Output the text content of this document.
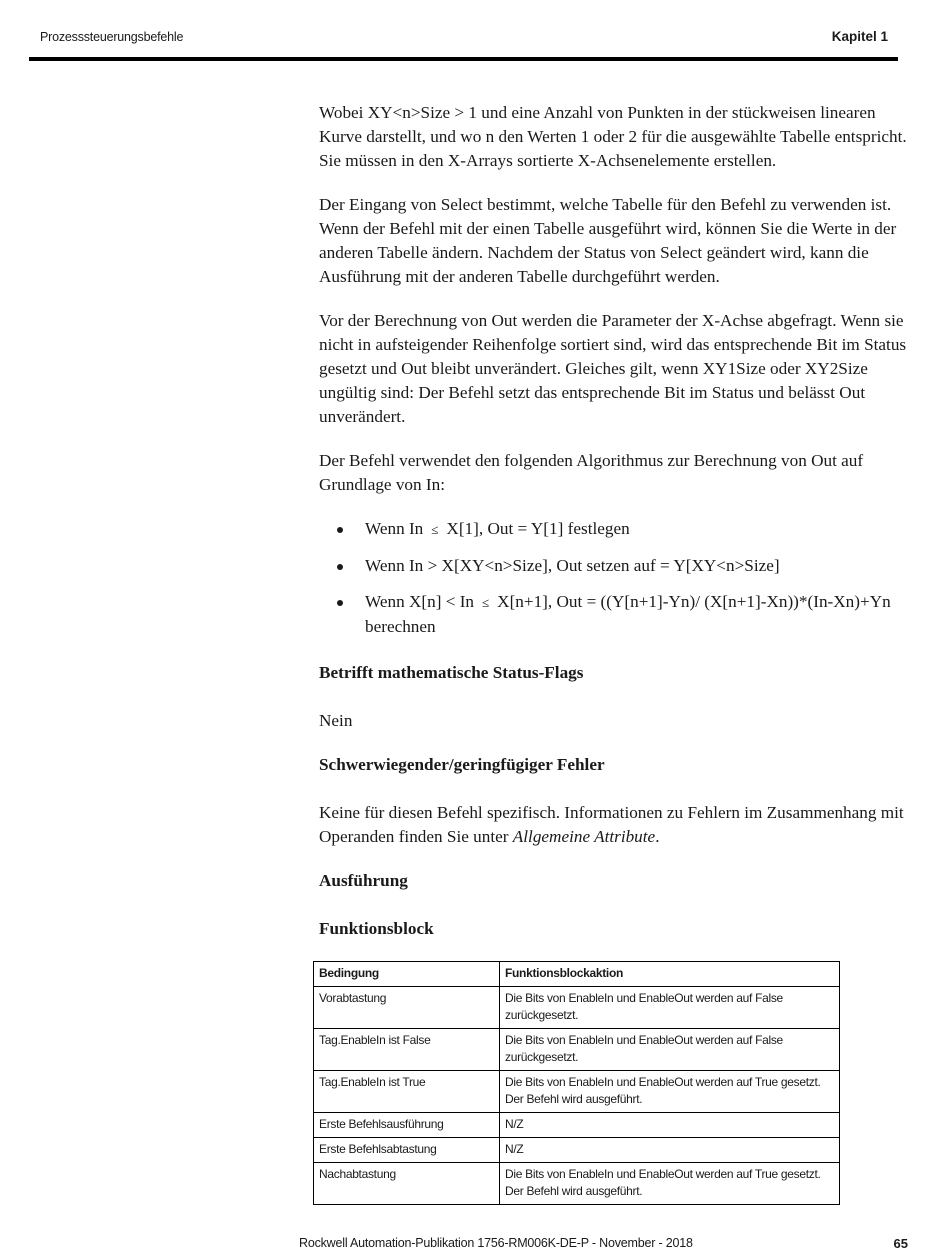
Prozesssteuerungsbefehle	Kapitel 1

Wobei XY<n>Size > 1 und eine Anzahl von Punkten in der stückweisen linearen Kurve darstellt, und wo n den Werten 1 oder 2 für die ausgewählte Tabelle entspricht. Sie müssen in den X-Arrays sortierte X-Achsenelemente erstellen.

Der Eingang von Select bestimmt, welche Tabelle für den Befehl zu verwenden ist. Wenn der Befehl mit der einen Tabelle ausgeführt wird, können Sie die Werte in der anderen Tabelle ändern. Nachdem der Status von Select geändert wird, kann die Ausführung mit der anderen Tabelle durchgeführt werden.

Vor der Berechnung von Out werden die Parameter der X-Achse abgefragt. Wenn sie nicht in aufsteigender Reihenfolge sortiert sind, wird das entsprechende Bit im Status gesetzt und Out bleibt unverändert. Gleiches gilt, wenn XY1Size oder XY2Size ungültig sind: Der Befehl setzt das entsprechende Bit im Status und belässt Out unverändert.

Der Befehl verwendet den folgenden Algorithmus zur Berechnung von Out auf Grundlage von In:

Wenn In ≤ X[1], Out = Y[1] festlegen
Wenn In > X[XY<n>Size], Out setzen auf = Y[XY<n>Size]
Wenn X[n] < In ≤ X[n+1], Out = ((Y[n+1]-Yn)/ (X[n+1]-Xn))*(In-Xn)+Yn berechnen
Betrifft mathematische Status-Flags

Nein

Schwerwiegender/geringfügiger Fehler

Keine für diesen Befehl spezifisch. Informationen zu Fehlern im Zusammenhang mit Operanden finden Sie unter Allgemeine Attribute.

Ausführung
Funktionsblock
Bedingung	Funktionsblockaktion
Vorabtastung	Die Bits von EnableIn und EnableOut werden auf False zurückgesetzt.
Tag.EnableIn ist False	Die Bits von EnableIn und EnableOut werden auf False zurückgesetzt.
Tag.EnableIn ist True	Die Bits von EnableIn und EnableOut werden auf True gesetzt. Der Befehl wird ausgeführt.
Erste Befehlsausführung	N/Z
Erste Befehlsabtastung	N/Z
Nachabtastung	Die Bits von EnableIn und EnableOut werden auf True gesetzt. Der Befehl wird ausgeführt.
Rockwell Automation-Publikation 1756-RM006K-DE-P - November - 2018	65
